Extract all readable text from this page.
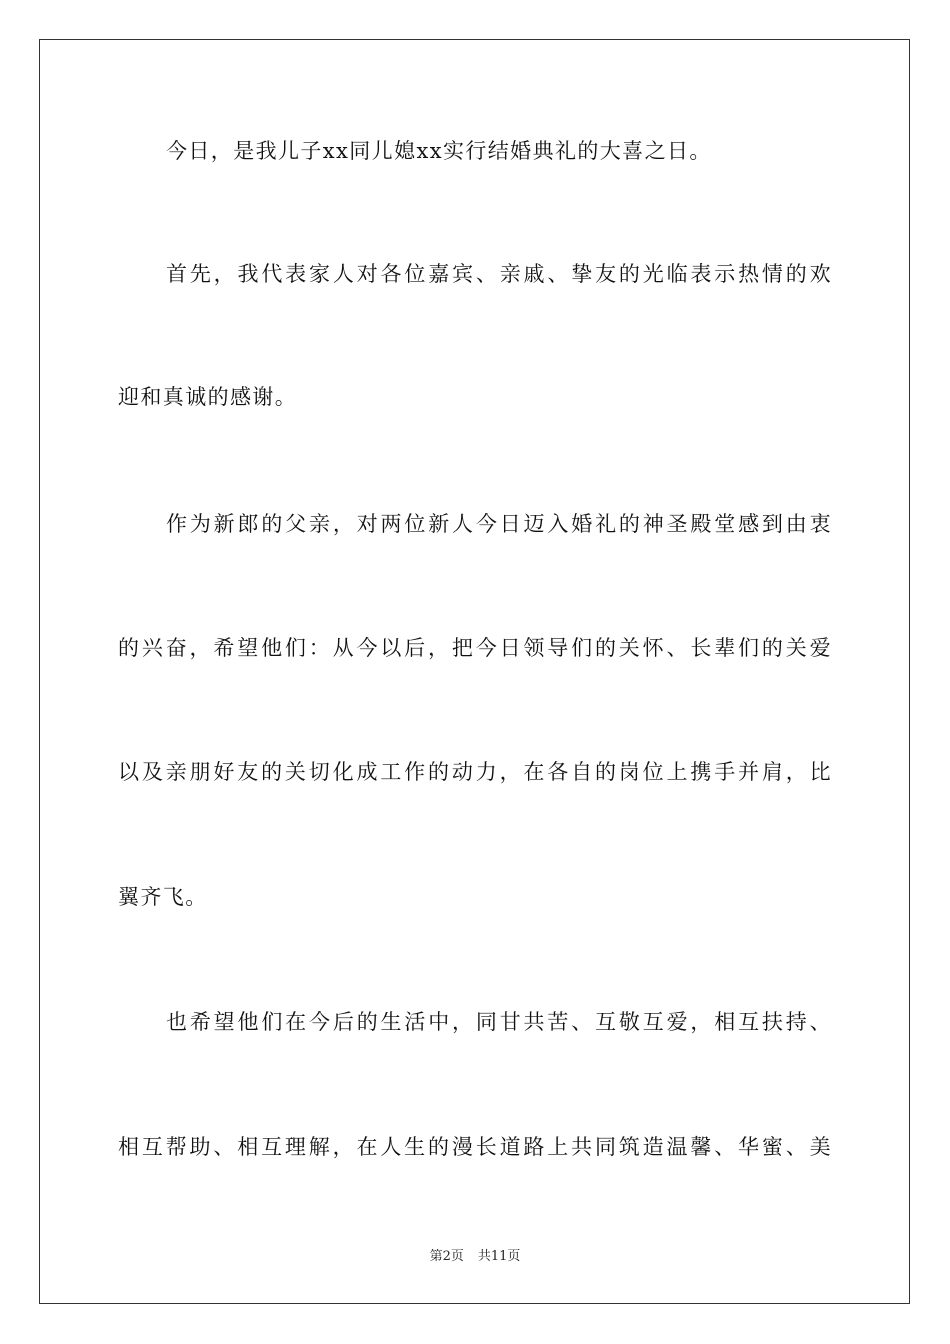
今日，是我儿子xx同儿媳xx实行结婚典礼的大喜之日。
首先，我代表家人对各位嘉宾、亲戚、挚友的光临表示热情的欢
迎和真诚的感谢。
作为新郎的父亲，对两位新人今日迈入婚礼的神圣殿堂感到由衷
的兴奋，希望他们：从今以后，把今日领导们的关怀、长辈们的关爱
以及亲朋好友的关切化成工作的动力，在各自的岗位上携手并肩，比
翼齐飞。
也希望他们在今后的生活中，同甘共苦、互敬互爱，相互扶持、
相互帮助、相互理解，在人生的漫长道路上共同筑造温馨、华蜜、美
第2页 共11页
